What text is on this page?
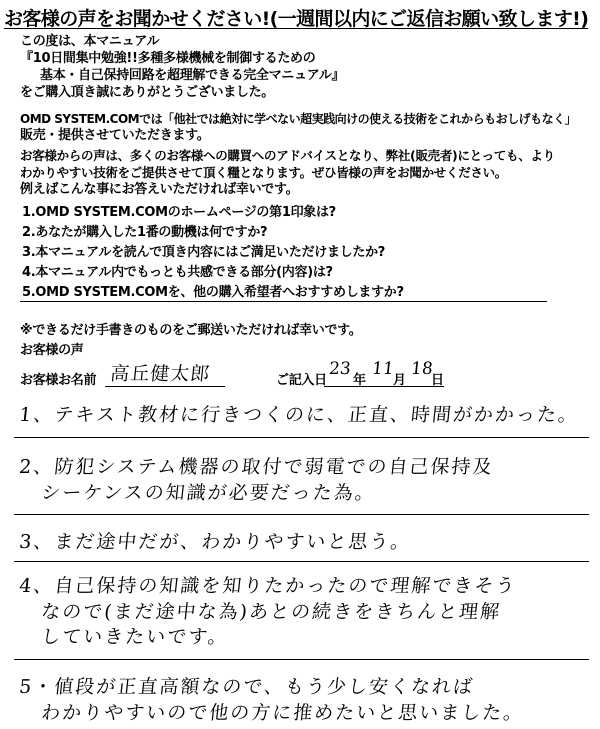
お客様の声をお聞かせください!(一週間以内にご返信お願い致します!)
この度は、本マニュアル
『10日間集中勉強!!多種多様機械を制御するための
基本・自己保持回路を超理解できる完全マニュアル』
をご購入頂き誠にありがとうございました。
OMD SYSTEM.COMでは「他社では絶対に学べない超実践向けの使える技術をこれからもおしげもなく」
販売・提供させていただきます。
お客様からの声は、多くのお客様への購買へのアドバイスとなり、弊社(販売者)にとっても、より
わかりやすい技術をご提供させて頂く糧となります。ぜひ皆様の声をお聞かせください。
例えばこんな事にお答えいただければ幸いです。
1.OMD SYSTEM.COMのホームページの第1印象は?
2.あなたが購入した1番の動機は何ですか?
3.本マニュアルを読んで頂き内容にはご満足いただけましたか?
4.本マニュアル内でもっとも共感できる部分(内容)は?
5.OMD SYSTEM.COMを、他の購入希望者へおすすめしますか?
※できるだけ手書きのものをご郵送いただければ幸いです。
お客様の声
お客様お名前 高丘健太郎	ご記入日
23
年
11
月
18
日
1、テキスト教材に行きつくのに、正直、時間がかかった。
2、防犯システム機器の取付で弱電での自己保持及
シーケンスの知識が必要だった為。
3、まだ途中だが、わかりやすいと思う。
4、自己保持の知識を知りたかったので理解できそう
なので(まだ途中な為)あとの続きをきちんと理解
していきたいです。
5・値段が正直高額なので、もう少し安くなれば
わかりやすいので他の方に推めたいと思いました。
